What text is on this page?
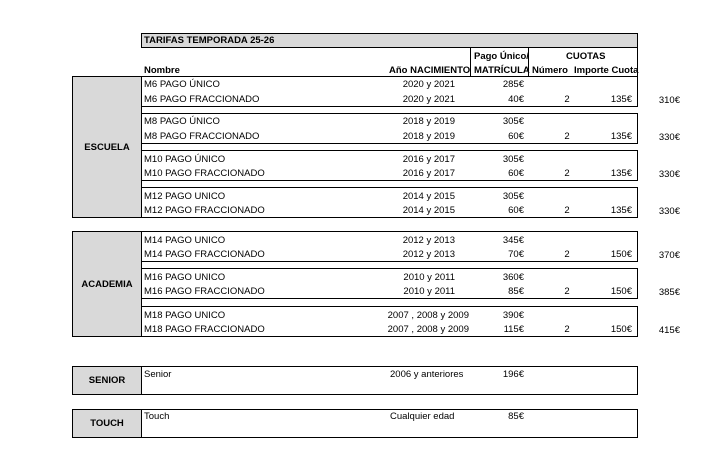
TARIFAS TEMPORADA 25-26
Pago Único/
MATRÍCULA
CUOTAS
Nombre	Año NACIMIENTO	Número Importe Cuota
ESCUELA
M6 PAGO ÚNICO	2020 y 2021	285€
M6 PAGO FRACCIONADO	2020 y 2021	40€	2	135€	310€
M8 PAGO ÚNICO	2018 y 2019	305€
M8 PAGO FRACCIONADO	2018 y 2019	60€	2	135€	330€
M10 PAGO ÚNICO	2016 y 2017	305€
M10 PAGO FRACCIONADO	2016 y 2017	60€	2	135€	330€
M12 PAGO UNICO	2014 y 2015	305€
M12 PAGO FRACCIONADO	2014 y 2015	60€	2	135€	330€
ACADEMIA
M14 PAGO UNICO	2012 y 2013	345€
M14 PAGO FRACCIONADO	2012 y 2013	70€	2	150€	370€
M16 PAGO UNICO	2010 y 2011	360€
M16 PAGO FRACCIONADO	2010 y 2011	85€	2	150€	385€
M18 PAGO UNICO	2007 , 2008 y 2009	390€
M18 PAGO FRACCIONADO	2007 , 2008 y 2009	115€	2	150€	415€
SENIOR
Senior	2006 y anteriores	196€
TOUCH
Touch	Cualquier edad	85€
